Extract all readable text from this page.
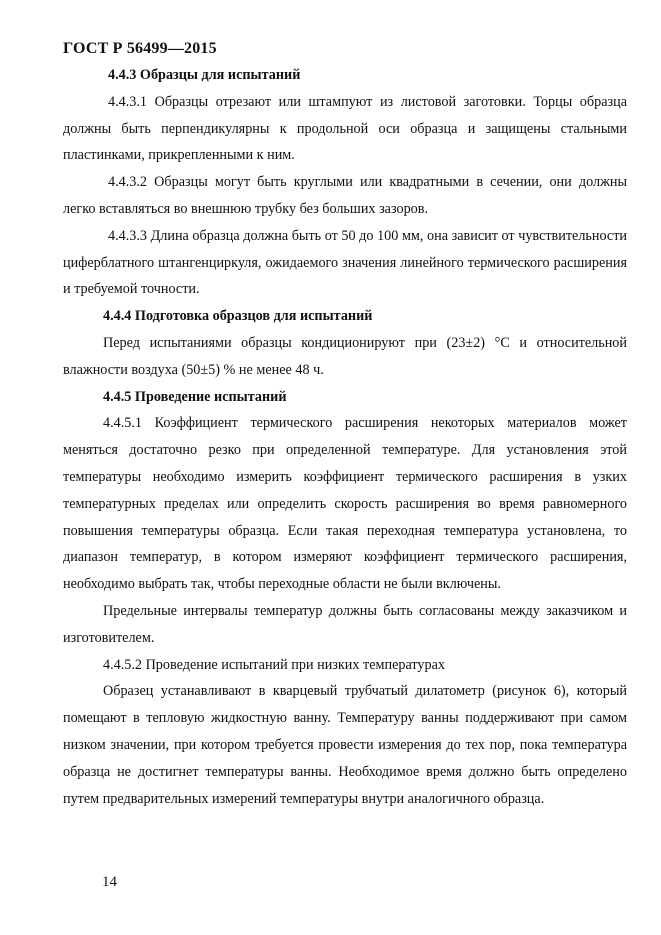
ГОСТ Р 56499—2015
4.4.3 Образцы для испытаний

4.4.3.1 Образцы отрезают или штампуют из листовой заготовки. Торцы образца должны быть перпендикулярны к продольной оси образца и защищены стальными пластинками, прикрепленными к ним.

4.4.3.2 Образцы могут быть круглыми или квадратными в сечении, они должны легко вставляться во внешнюю трубку без больших зазоров.

4.4.3.3 Длина образца должна быть от 50 до 100 мм, она зависит от чувствительности циферблатного штангенциркуля, ожидаемого значения линейного термического расширения и требуемой точности.

4.4.4 Подготовка образцов для испытаний

Перед испытаниями образцы кондиционируют при (23±2) °С и относительной влажности воздуха (50±5) % не менее 48 ч.

4.4.5 Проведение испытаний

4.4.5.1 Коэффициент термического расширения некоторых материалов может меняться достаточно резко при определенной температуре. Для установления этой температуры необходимо измерить коэффициент термического расширения в узких температурных пределах или определить скорость расширения во время равномерного повышения температуры образца. Если такая переходная температура установлена, то диапазон температур, в котором измеряют коэффициент термического расширения, необходимо выбрать так, чтобы переходные области не были включены.

Предельные интервалы температур должны быть согласованы между заказчиком и изготовителем.

4.4.5.2 Проведение испытаний при низких температурах

Образец устанавливают в кварцевый трубчатый дилатометр (рисунок 6), который помещают в тепловую жидкостную ванну. Температуру ванны поддерживают при самом низком значении, при котором требуется провести измерения до тех пор, пока температура образца не достигнет температуры ванны. Необходимое время должно быть определено путем предварительных измерений температуры внутри аналогичного образца.

14
